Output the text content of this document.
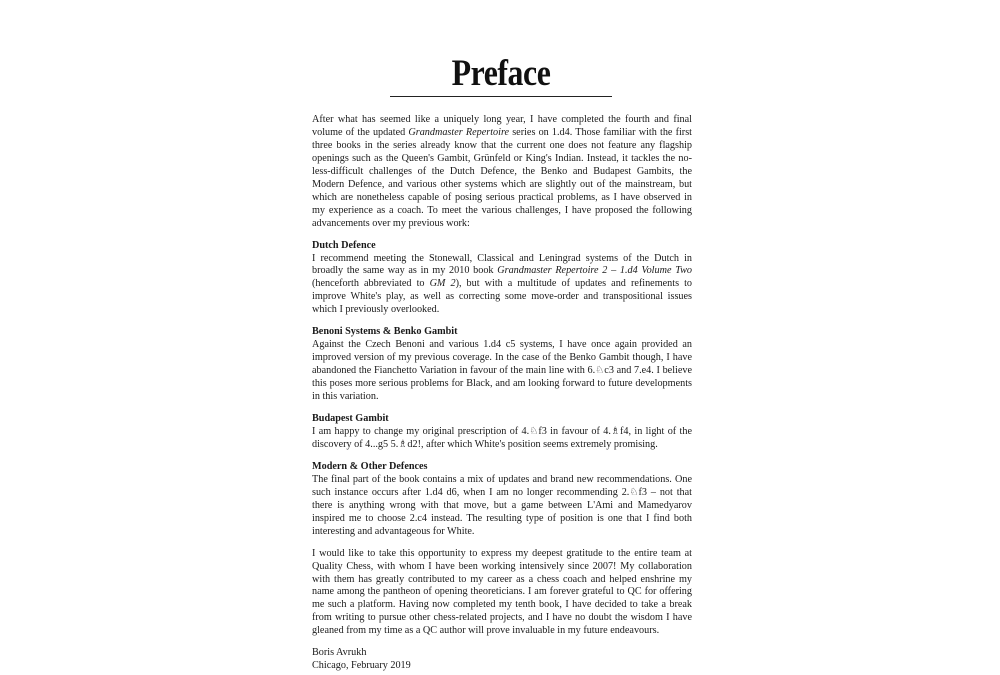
Preface

After what has seemed like a uniquely long year, I have completed the fourth and final volume of the updated Grandmaster Repertoire series on 1.d4. Those familiar with the first three books in the series already know that the current one does not feature any flagship openings such as the Queen's Gambit, Grünfeld or King's Indian. Instead, it tackles the no-less-difficult challenges of the Dutch Defence, the Benko and Budapest Gambits, the Modern Defence, and various other systems which are slightly out of the mainstream, but which are nonetheless capable of posing serious practical problems, as I have observed in my experience as a coach. To meet the various challenges, I have proposed the following advancements over my previous work:

Dutch Defence
I recommend meeting the Stonewall, Classical and Leningrad systems of the Dutch in broadly the same way as in my 2010 book Grandmaster Repertoire 2 – 1.d4 Volume Two (henceforth abbreviated to GM 2), but with a multitude of updates and refinements to improve White's play, as well as correcting some move-order and transpositional issues which I previously overlooked.

Benoni Systems & Benko Gambit
Against the Czech Benoni and various 1.d4 c5 systems, I have once again provided an improved version of my previous coverage. In the case of the Benko Gambit though, I have abandoned the Fianchetto Variation in favour of the main line with 6.♘c3 and 7.e4. I believe this poses more serious problems for Black, and am looking forward to future developments in this variation.

Budapest Gambit
I am happy to change my original prescription of 4.♘f3 in favour of 4.♗f4, in light of the discovery of 4...g5 5.♗d2!, after which White's position seems extremely promising.

Modern & Other Defences
The final part of the book contains a mix of updates and brand new recommendations. One such instance occurs after 1.d4 d6, when I am no longer recommending 2.♘f3 – not that there is anything wrong with that move, but a game between L'Ami and Mamedyarov inspired me to choose 2.c4 instead. The resulting type of position is one that I find both interesting and advantageous for White.

I would like to take this opportunity to express my deepest gratitude to the entire team at Quality Chess, with whom I have been working intensively since 2007! My collaboration with them has greatly contributed to my career as a chess coach and helped enshrine my name among the pantheon of opening theoreticians. I am forever grateful to QC for offering me such a platform. Having now completed my tenth book, I have decided to take a break from writing to pursue other chess-related projects, and I have no doubt the wisdom I have gleaned from my time as a QC author will prove invaluable in my future endeavours.

Boris Avrukh

Chicago, February 2019
